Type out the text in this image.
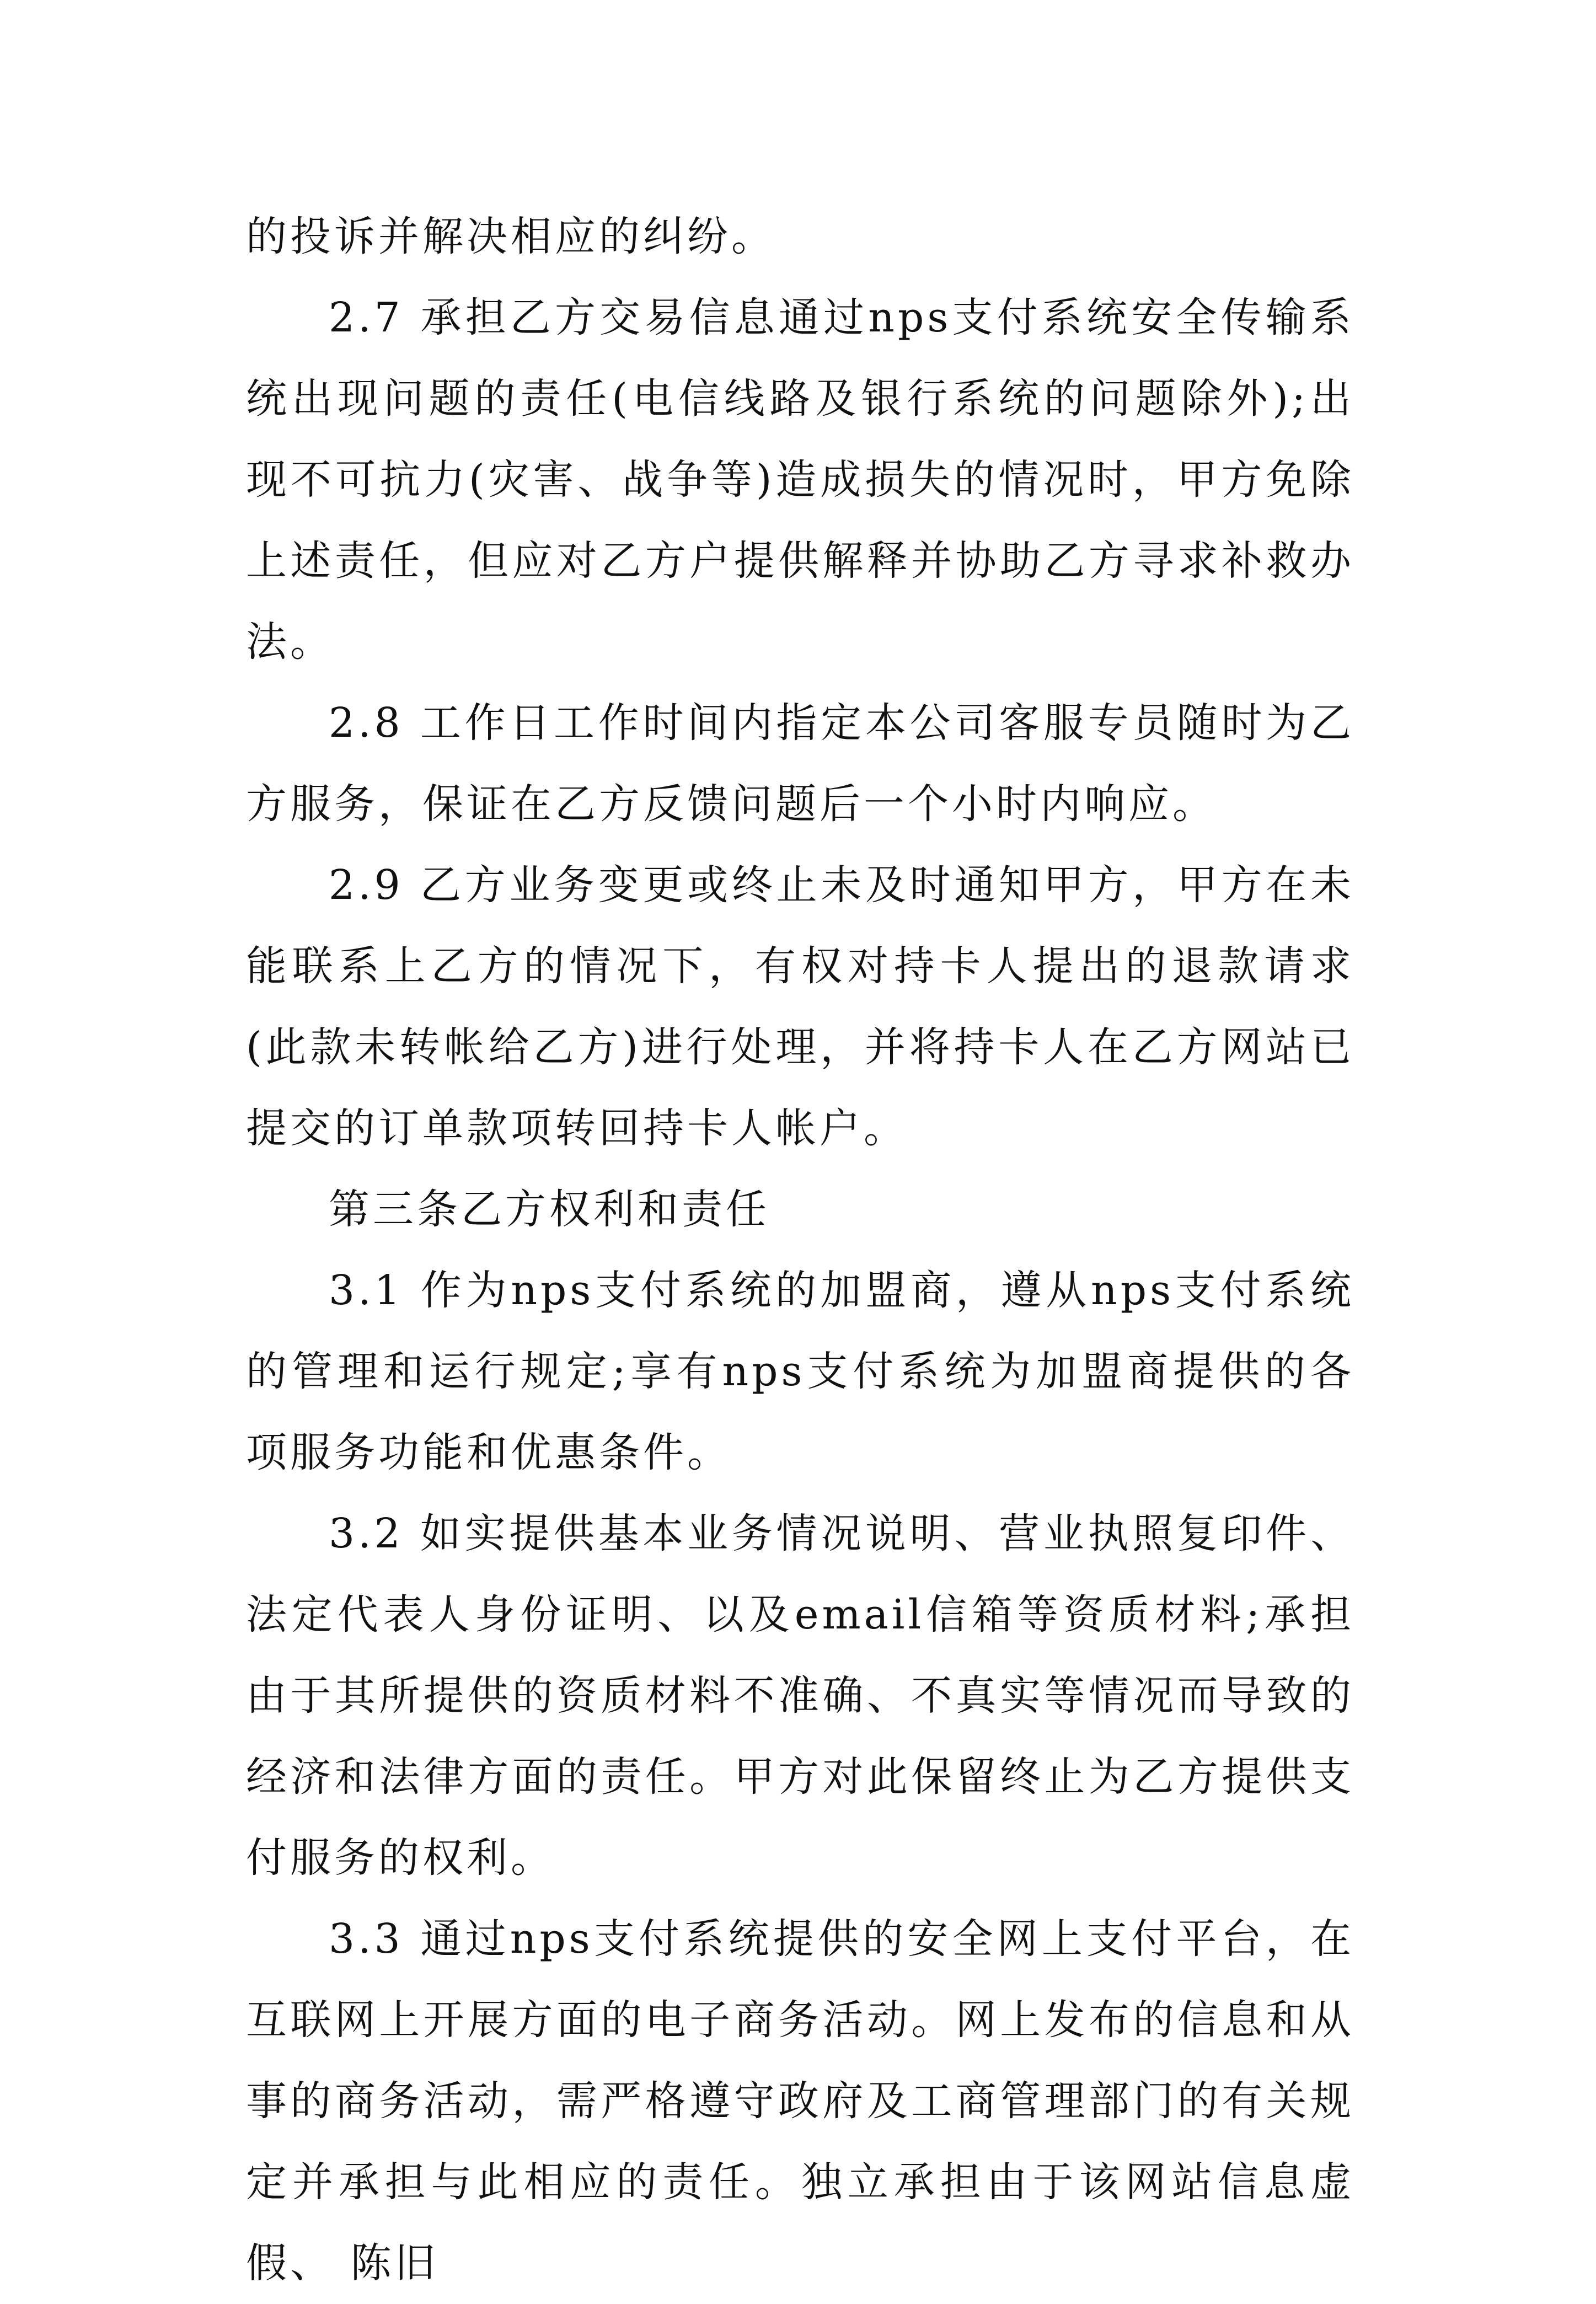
的投诉并解决相应的纠纷。

2.7 承担乙方交易信息通过nps支付系统安全传输系统出现问题的责任(电信线路及银行系统的问题除外);出现不可抗力(灾害、战争等)造成损失的情况时，甲方免除上述责任，但应对乙方户提供解释并协助乙方寻求补救办法。

2.8 工作日工作时间内指定本公司客服专员随时为乙方服务，保证在乙方反馈问题后一个小时内响应。

2.9 乙方业务变更或终止未及时通知甲方，甲方在未能联系上乙方的情况下，有权对持卡人提出的退款请求(此款未转帐给乙方)进行处理，并将持卡人在乙方网站已提交的订单款项转回持卡人帐户。

第三条乙方权利和责任

3.1 作为nps支付系统的加盟商，遵从nps支付系统的管理和运行规定;享有nps支付系统为加盟商提供的各项服务功能和优惠条件。

3.2 如实提供基本业务情况说明、营业执照复印件、法定代表人身份证明、以及email信箱等资质材料;承担由于其所提供的资质材料不准确、不真实等情况而导致的经济和法律方面的责任。甲方对此保留终止为乙方提供支付服务的权利。

3.3 通过nps支付系统提供的安全网上支付平台，在互联网上开展方面的电子商务活动。网上发布的信息和从事的商务活动，需严格遵守政府及工商管理部门的有关规定并承担与此相应的责任。独立承担由于该网站信息虚假、 陈旧
